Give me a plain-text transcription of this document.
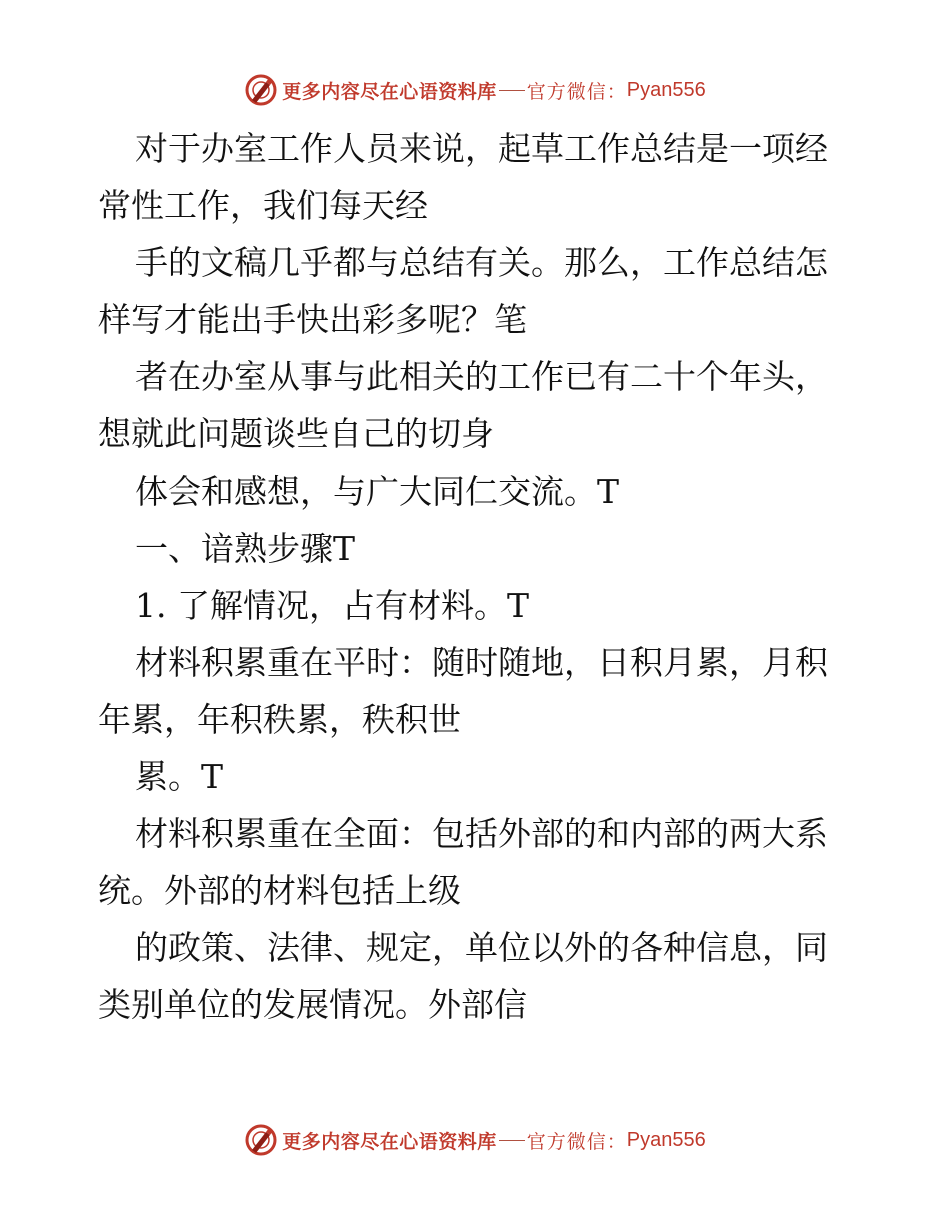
更多内容尽在心语资料库 官方微信： Pyan556
对于办室工作人员来说，起草工作总结是一项经
常性工作，我们每天经
手的文稿几乎都与总结有关。那么，工作总结怎
样写才能出手快出彩多呢？笔
者在办室从事与此相关的工作已有二十个年头，
想就此问题谈些自己的切身
体会和感想，与广大同仁交流。T
一、谙熟步骤T
1. 了解情况，占有材料。T
材料积累重在平时：随时随地，日积月累，月积
年累，年积秩累，秩积世
累。T
材料积累重在全面：包括外部的和内部的两大系
统。外部的材料包括上级
的政策、法律、规定，单位以外的各种信息，同
类别单位的发展情况。外部信
更多内容尽在心语资料库 官方微信： Pyan556
